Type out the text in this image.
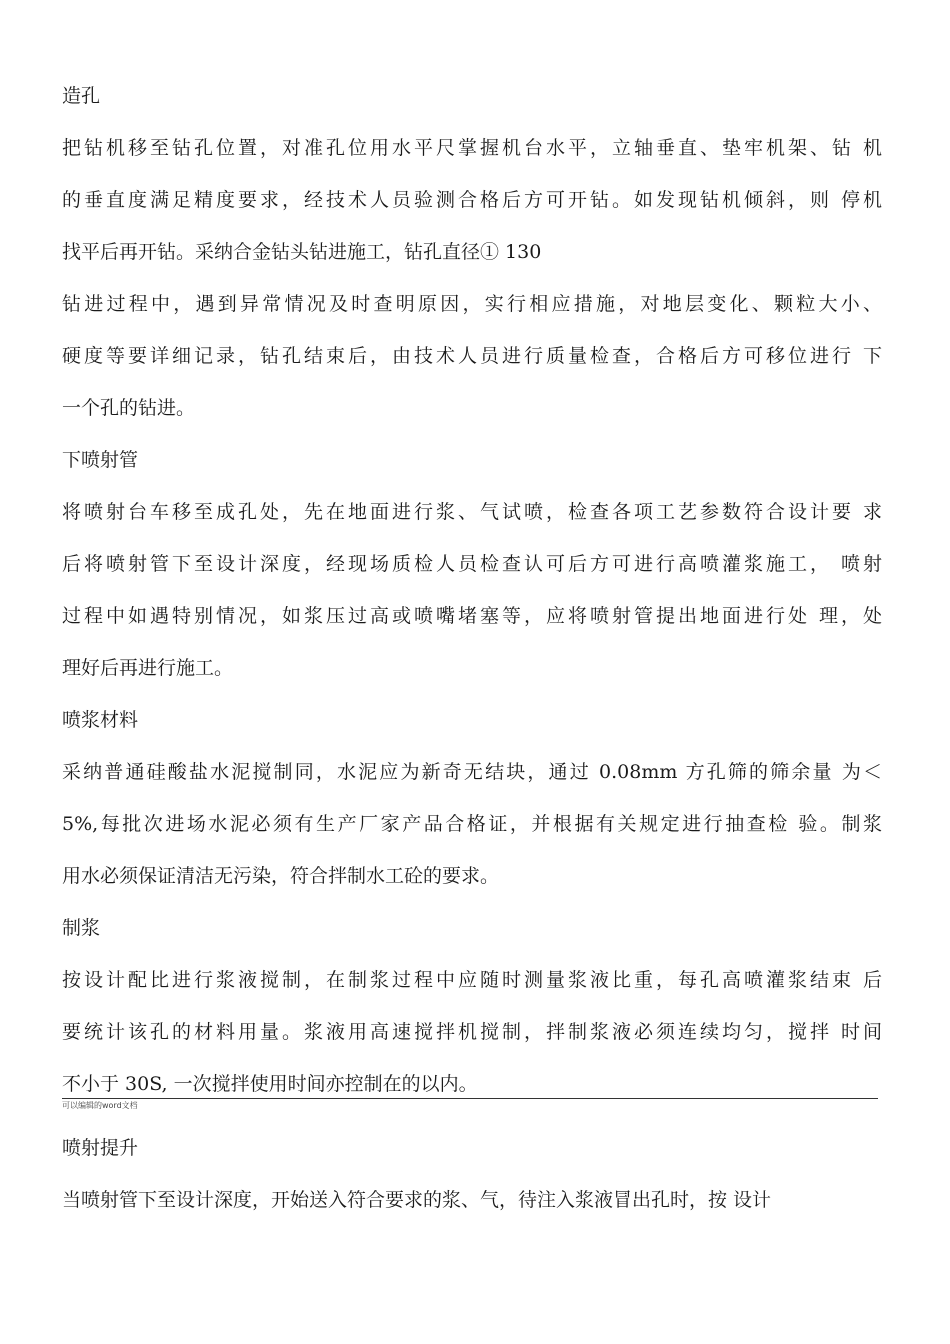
造孔
把钻机移至钻孔位置，对准孔位用水平尺掌握机台水平，立轴垂直、垫牢机架、钻 机
的垂直度满足精度要求，经技术人员验测合格后方可开钻。如发现钻机倾斜，则 停机
找平后再开钻。采纳合金钻头钻进施工，钻孔直径① 130
钻进过程中，遇到异常情况及时查明原因，实行相应措施，对地层变化、颗粒大小、
硬度等要详细记录，钻孔结束后，由技术人员进行质量检查，合格后方可移位进行 下
一个孔的钻进。
下喷射管
将喷射台车移至成孔处，先在地面进行浆、气试喷，检查各项工艺参数符合设计要 求
后将喷射管下至设计深度，经现场质检人员检查认可后方可进行高喷灌浆施工， 喷射
过程中如遇特别情况，如浆压过高或喷嘴堵塞等，应将喷射管提出地面进行处 理，处
理好后再进行施工。
喷浆材料
采纳普通硅酸盐水泥搅制同，水泥应为新奇无结块，通过 0.08mm 方孔筛的筛余量 为＜
5%,每批次进场水泥必须有生产厂家产品合格证，并根据有关规定进行抽查检 验。制浆
用水必须保证清洁无污染，符合拌制水工砼的要求。
制浆
按设计配比进行浆液搅制，在制浆过程中应随时测量浆液比重，每孔高喷灌浆结束 后
要统计该孔的材料用量。浆液用高速搅拌机搅制，拌制浆液必须连续均匀，搅拌 时间
不小于 30S, 一次搅拌使用时间亦控制在的以内。
可以编辑的word文档
喷射提升
当喷射管下至设计深度，开始送入符合要求的浆、气，待注入浆液冒出孔时，按 设计
